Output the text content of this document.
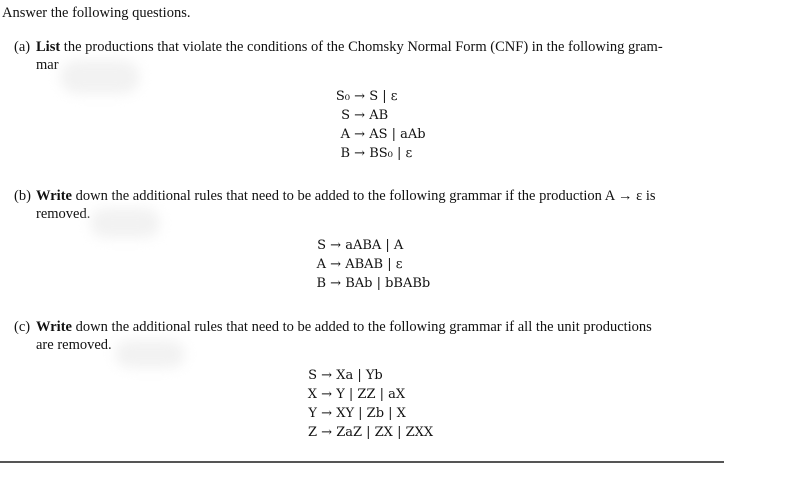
Answer the following questions.
(a) List the productions that violate the conditions of the Chomsky Normal Form (CNF) in the following gram-
mar
S₀ → S | ε
S → AB
A → AS | aAb
B → BS₀ | ε
(b) Write down the additional rules that need to be added to the following grammar if the production A → ε is
removed.
S → aABA | A
A → ABAB | ε
B → BAb | bBABb
(c) Write down the additional rules that need to be added to the following grammar if all the unit productions
are removed.
S → Xa | Yb
X → Y | ZZ | aX
Y → XY | Zb | X
Z → ZaZ | ZX | ZXX
